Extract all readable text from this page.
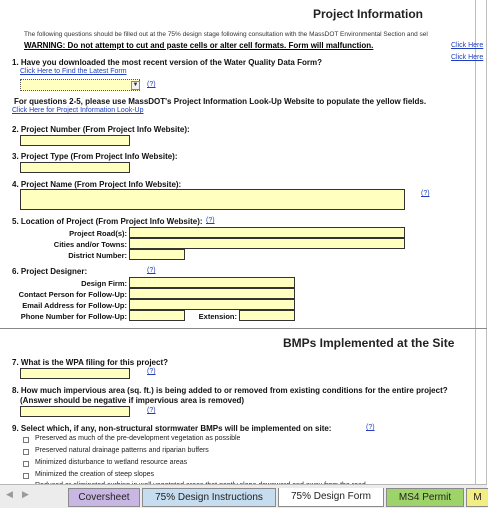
Project Information
The following questions should be filled out at the 75% design stage following consultation with the MassDOT Environmental Section and sel
WARNING: Do not attempt to cut and paste cells or alter cell formats. Form will malfunction.	Click Here
Click Here
1. Have you downloaded the most recent version of the Water Quality Data Form?
Click Here to Find the Latest Form
▼ (?)
For questions 2-5, please use MassDOT's Project Information Look-Up Website to populate the yellow fields.
Click Here for Project Information Look-Up
2. Project Number (From Project Info Website):
3. Project Type (From Project Info Website):
4. Project Name (From Project Info Website):
(?)
5. Location of Project (From Project Info Website): (?)
Project Road(s):
Cities and/or Towns:
District Number:
6. Project Designer:	(?)
Design Firm:
Contact Person for Follow-Up:
Email Address for Follow-Up:
Phone Number for Follow-Up:	Extension:
BMPs Implemented at the Site
7. What is the WPA filing for this project?
(?)
8. How much impervious area (sq. ft.) is being added to or removed from existing conditions for the entire project?
(Answer should be negative if impervious area is removed)
(?)
9. Select which, if any, non-structural stormwater BMPs will be implemented on site:	(?)
Preserved as much of the pre-development vegetation as possible
Preserved natural drainage patterns and riparian buffers
Minimized disturbance to wetland resource areas
Minimized the creation of steep slopes
◀ ▶	Coversheet	75% Design Instructions	75% Design Form	MS4 Permit	M
